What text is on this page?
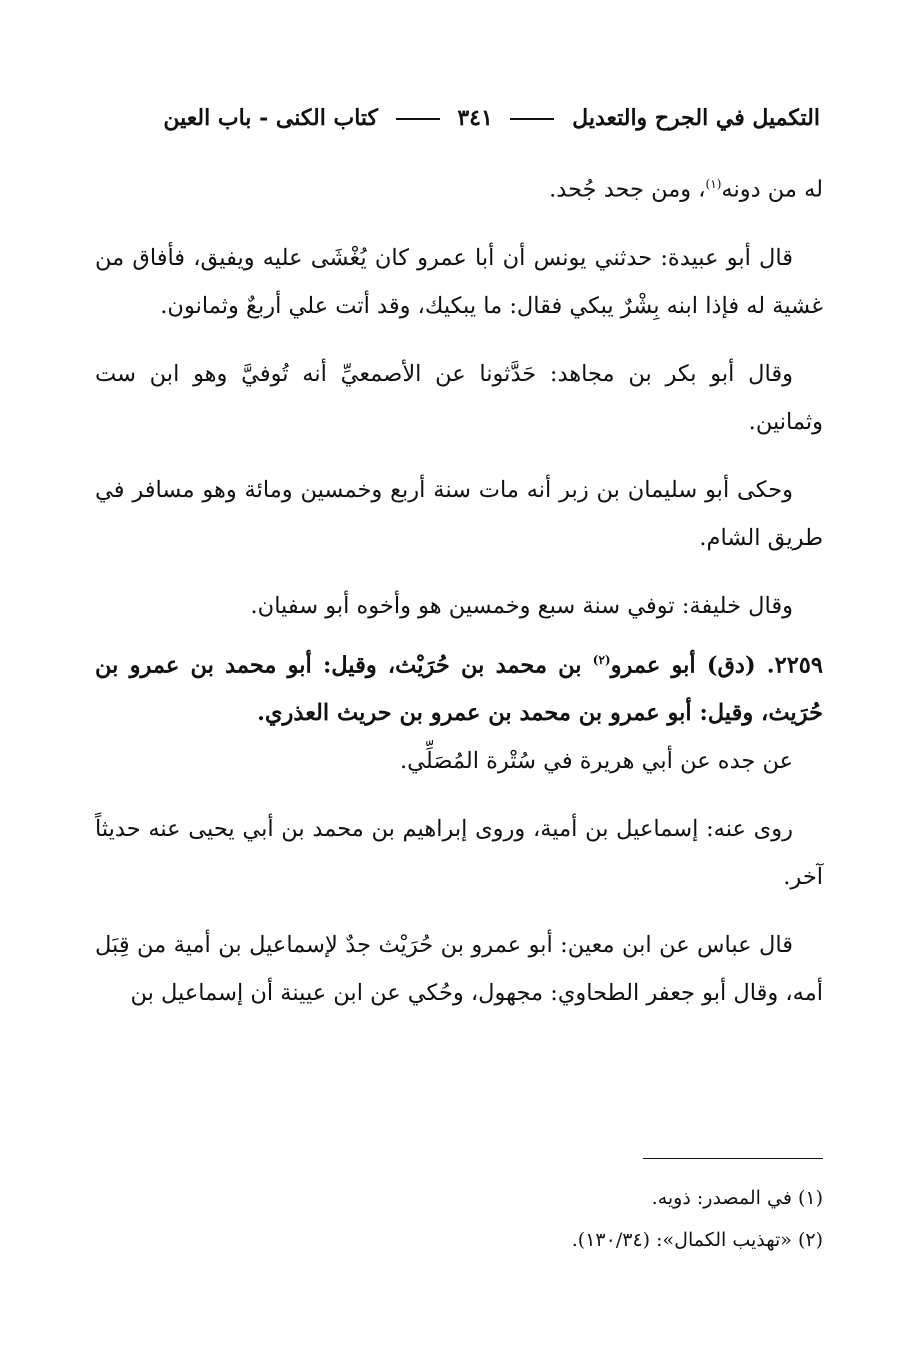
التكميل في الجرح والتعديل  ٣٤١  كتاب الكنى - باب العين

له من دونه$^{(١)}$، ومن جحد جُحد.

قال أبو عبيدة: حدثني يونس أن أبا عمرو كان يُغْشَى عليه ويفيق، فأفاق من غشية له فإذا ابنه بِشْرٌ يبكي فقال: ما يبكيك، وقد أتت علي أربعٌ وثمانون.

وقال أبو بكر بن مجاهد: حَدَّثونا عن الأصمعيِّ أنه تُوفيَّ وهو ابن ست وثمانين.

وحكى أبو سليمان بن زبر أنه مات سنة أربع وخمسين ومائة وهو مسافر في طريق الشام.

وقال خليفة: توفي سنة سبع وخمسين هو وأخوه أبو سفيان.

٢٢٥٩. (دق) أبو عمرو$^{(٢)}$ بن محمد بن حُرَيْث، وقيل: أبو محمد بن عمرو بن حُرَيث، وقيل: أبو عمرو بن محمد بن عمرو بن حريث العذري.

عن جده عن أبي هريرة في سُتْرة المُصَلِّي.

روى عنه: إسماعيل بن أمية، وروى إبراهيم بن محمد بن أبي يحيى عنه حديثاً آخر.

قال عباس عن ابن معين: أبو عمرو بن حُرَيْث جدٌ لإسماعيل بن أمية من قِبَل أمه، وقال أبو جعفر الطحاوي: مجهول، وحُكي عن ابن عيينة أن إسماعيل بن

(١) في المصدر: ذويه.

(٢) «تهذيب الكمال»: (١٣٠/٣٤).
